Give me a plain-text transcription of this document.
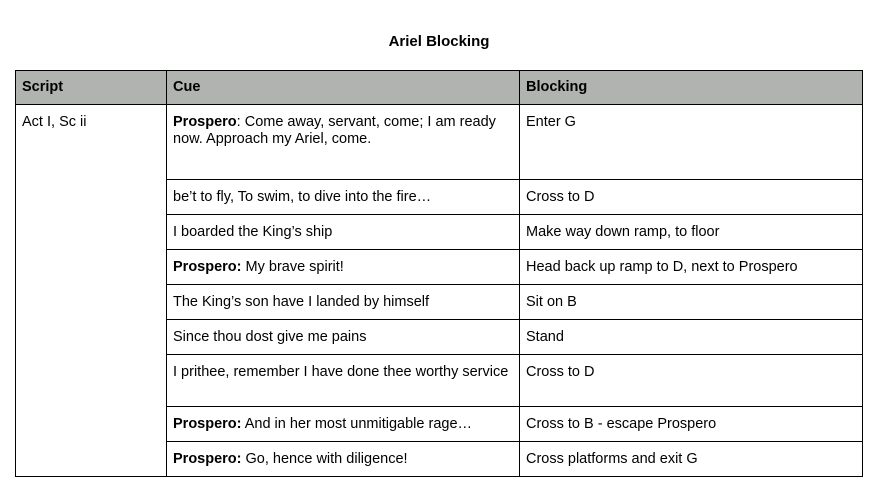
Ariel Blocking
Script	Cue	Blocking
Act I, Sc ii	Prospero: Come away, servant, come; I am ready now. Approach my Ariel, come.	Enter G
	be’t to fly, To swim, to dive into the fire…	Cross to D
	I boarded the King’s ship	Make way down ramp, to floor
	Prospero: My brave spirit!	Head back up ramp to D, next to Prospero
	The King’s son have I landed by himself	Sit on B
	Since thou dost give me pains	Stand
	I prithee, remember I have done thee worthy service	Cross to D
	Prospero: And in her most unmitigable rage…	Cross to B - escape Prospero
	Prospero: Go, hence with diligence!	Cross platforms and exit G
